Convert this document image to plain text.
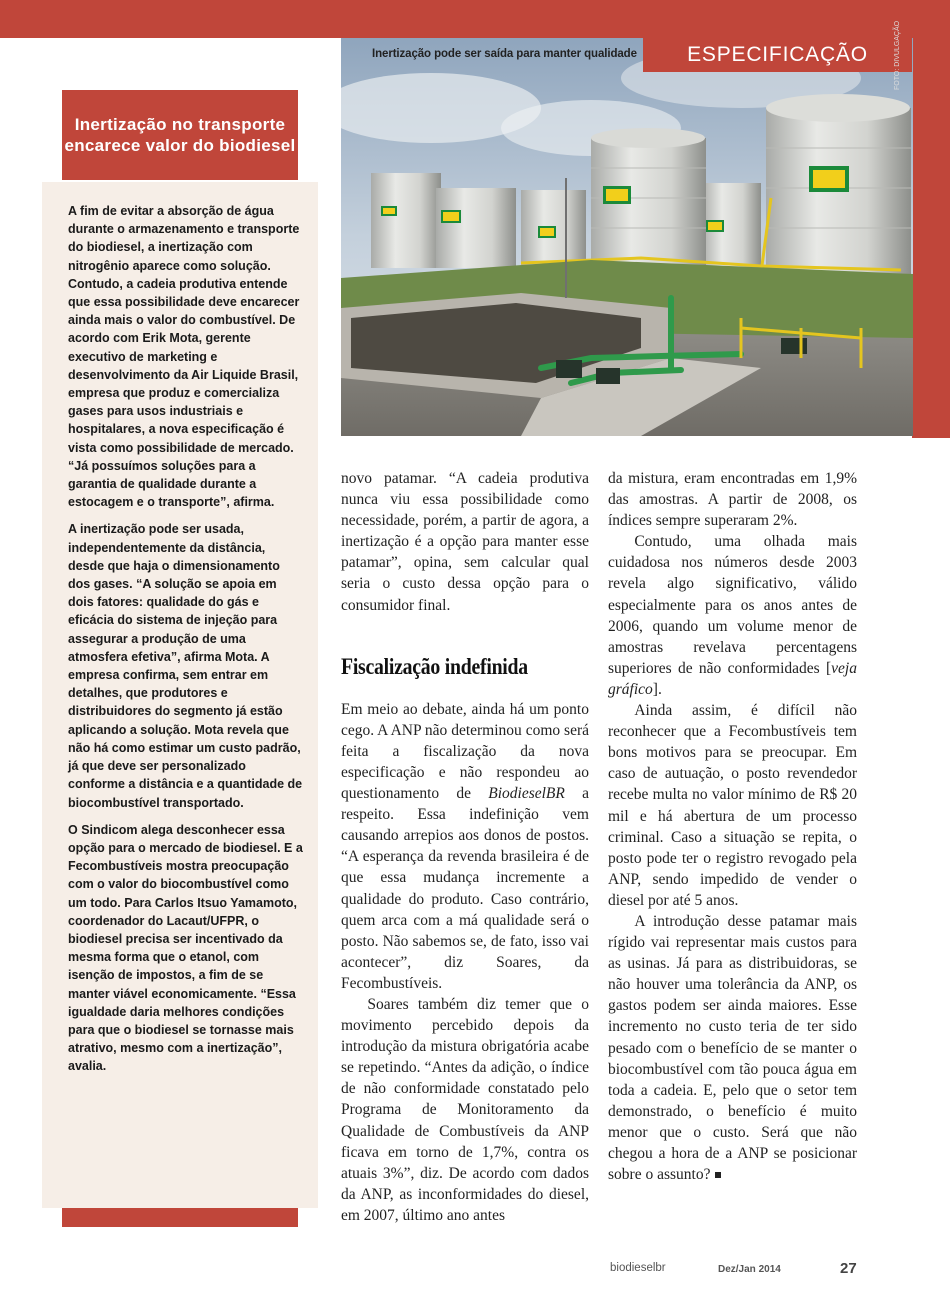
Inertização pode ser saída para manter qualidade	ESPECIFICAÇÃO	FOTO: DIVULGAÇÃO
Inertização no transporte encarece valor do biodiesel

A fim de evitar a absorção de água durante o armazenamento e transporte do biodiesel, a inertização com nitrogênio aparece como solução. Contudo, a cadeia produtiva entende que essa possibilidade deve encarecer ainda mais o valor do combustível. De acordo com Erik Mota, gerente executivo de marketing e desenvolvimento da Air Liquide Brasil, empresa que produz e comercializa gases para usos industriais e hospitalares, a nova especificação é vista como possibilidade de mercado. “Já possuímos soluções para a garantia de qualidade durante a estocagem e o transporte”, afirma.

A inertização pode ser usada, independentemente da distância, desde que haja o dimensionamento dos gases. “A solução se apoia em dois fatores: qualidade do gás e eficácia do sistema de injeção para assegurar a produção de uma atmosfera efetiva”, afirma Mota. A empresa confirma, sem entrar em detalhes, que produtores e distribuidores do segmento já estão aplicando a solução. Mota revela que não há como estimar um custo padrão, já que deve ser personalizado conforme a distância e a quantidade de biocombustível transportado.

O Sindicom alega desconhecer essa opção para o mercado de biodiesel. E a Fecombustíveis mostra preocupação com o valor do biocombustível como um todo. Para Carlos Itsuo Yamamoto, coordenador do Lacaut/UFPR, o biodiesel precisa ser incentivado da mesma forma que o etanol, com isenção de impostos, a fim de se manter viável economicamente. “Essa igualdade daria melhores condições para que o biodiesel se tornasse mais atrativo, mesmo com a inertização”, avalia.

novo patamar. “A cadeia produtiva nunca viu essa possibilidade como necessidade, porém, a partir de agora, a inertização é a opção para manter esse patamar”, opina, sem calcular qual seria o custo dessa opção para o consumidor final.

Fiscalização indefinida

Em meio ao debate, ainda há um ponto cego. A ANP não determinou como será feita a fiscalização da nova especificação e não respondeu ao questionamento de BiodieselBR a respeito. Essa indefinição vem causando arrepios aos donos de postos. “A esperança da revenda brasileira é de que essa mudança incremente a qualidade do produto. Caso contrário, quem arca com a má qualidade será o posto. Não sabemos se, de fato, isso vai acontecer”, diz Soares, da Fecombustíveis.

Soares também diz temer que o movimento percebido depois da introdução da mistura obrigatória acabe se repetindo. “Antes da adição, o índice de não conformidade constatado pelo Programa de Monitoramento da Qualidade de Combustíveis da ANP ficava em torno de 1,7%, contra os atuais 3%”, diz. De acordo com dados da ANP, as inconformidades do diesel, em 2007, último ano antes

da mistura, eram encontradas em 1,9% das amostras. A partir de 2008, os índices sempre superaram 2%.

Contudo, uma olhada mais cuidadosa nos números desde 2003 revela algo significativo, válido especialmente para os anos antes de 2006, quando um volume menor de amostras revelava percentagens superiores de não conformidades [veja gráfico].

Ainda assim, é difícil não reconhecer que a Fecombustíveis tem bons motivos para se preocupar. Em caso de autuação, o posto revendedor recebe multa no valor mínimo de R$ 20 mil e há abertura de um processo criminal. Caso a situação se repita, o posto pode ter o registro revogado pela ANP, sendo impedido de vender o diesel por até 5 anos.

A introdução desse patamar mais rígido vai representar mais custos para as usinas. Já para as distribuidoras, se não houver uma tolerância da ANP, os gastos podem ser ainda maiores. Esse incremento no custo teria de ter sido pesado com o benefício de se manter o biocombustível com tão pouca água em toda a cadeia. E, pelo que o setor tem demonstrado, o benefício é muito menor que o custo. Será que não chegou a hora de a ANP se posicionar sobre o assunto?

biodieselbr	Dez/Jan 2014	27
